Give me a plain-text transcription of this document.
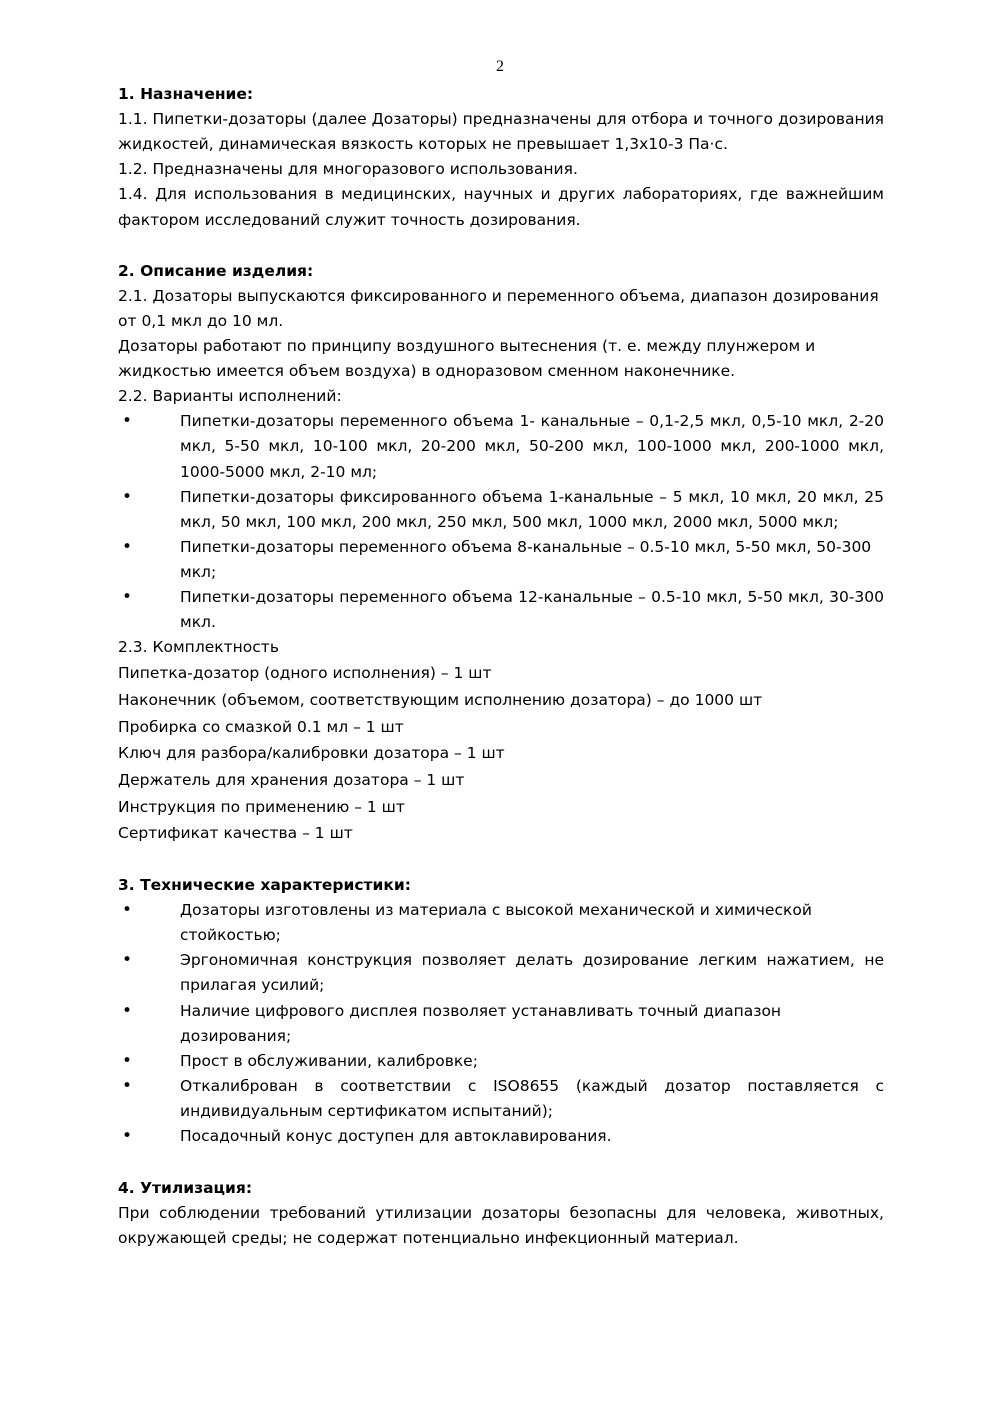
2
1. Назначение:
1.1. Пипетки-дозаторы (далее Дозаторы) предназначены для отбора и точного дозирования жидкостей, динамическая вязкость которых не превышает 1,3х10-3 Па·с.
1.2. Предназначены для многоразового использования.
1.4. Для использования в медицинских, научных и других лабораториях, где важнейшим фактором исследований служит точность дозирования.
2. Описание изделия:
2.1. Дозаторы выпускаются фиксированного и переменного объема, диапазон дозирования от 0,1 мкл до 10 мл.
Дозаторы работают по принципу воздушного вытеснения (т. е. между плунжером и жидкостью имеется объем воздуха) в одноразовом сменном наконечнике.
2.2. Варианты исполнений:
•	Пипетки-дозаторы переменного объема 1- канальные – 0,1-2,5 мкл, 0,5-10 мкл, 2-20 мкл, 5-50 мкл, 10-100 мкл, 20-200 мкл, 50-200 мкл, 100-1000 мкл, 200-1000 мкл, 1000-5000 мкл, 2-10 мл;
•	Пипетки-дозаторы фиксированного объема 1-канальные – 5 мкл, 10 мкл, 20 мкл, 25 мкл, 50 мкл, 100 мкл, 200 мкл, 250 мкл, 500 мкл, 1000 мкл, 2000 мкл, 5000 мкл;
•	Пипетки-дозаторы переменного объема 8-канальные – 0.5-10 мкл, 5-50 мкл, 50-300 мкл;
•	Пипетки-дозаторы переменного объема 12-канальные – 0.5-10 мкл, 5-50 мкл, 30-300 мкл.
2.3. Комплектность
Пипетка-дозатор (одного исполнения) – 1 шт
Наконечник (объемом, соответствующим исполнению дозатора) – до 1000 шт
Пробирка со смазкой 0.1 мл – 1 шт
Ключ для разбора/калибровки дозатора – 1 шт
Держатель для хранения дозатора – 1 шт
Инструкция по применению – 1 шт
Сертификат качества – 1 шт
3. Технические характеристики:
•	Дозаторы изготовлены из материала с высокой механической и химической стойкостью;
•	Эргономичная конструкция позволяет делать дозирование легким нажатием, не прилагая усилий;
•	Наличие цифрового дисплея позволяет устанавливать точный диапазон дозирования;
•	Прост в обслуживании, калибровке;
•	Откалиброван в соответствии с ISO8655 (каждый дозатор поставляется с индивидуальным сертификатом испытаний);
•	Посадочный конус доступен для автоклавирования.
4. Утилизация:
При соблюдении требований утилизации дозаторы безопасны для человека, животных, окружающей среды; не содержат потенциально инфекционный материал.
